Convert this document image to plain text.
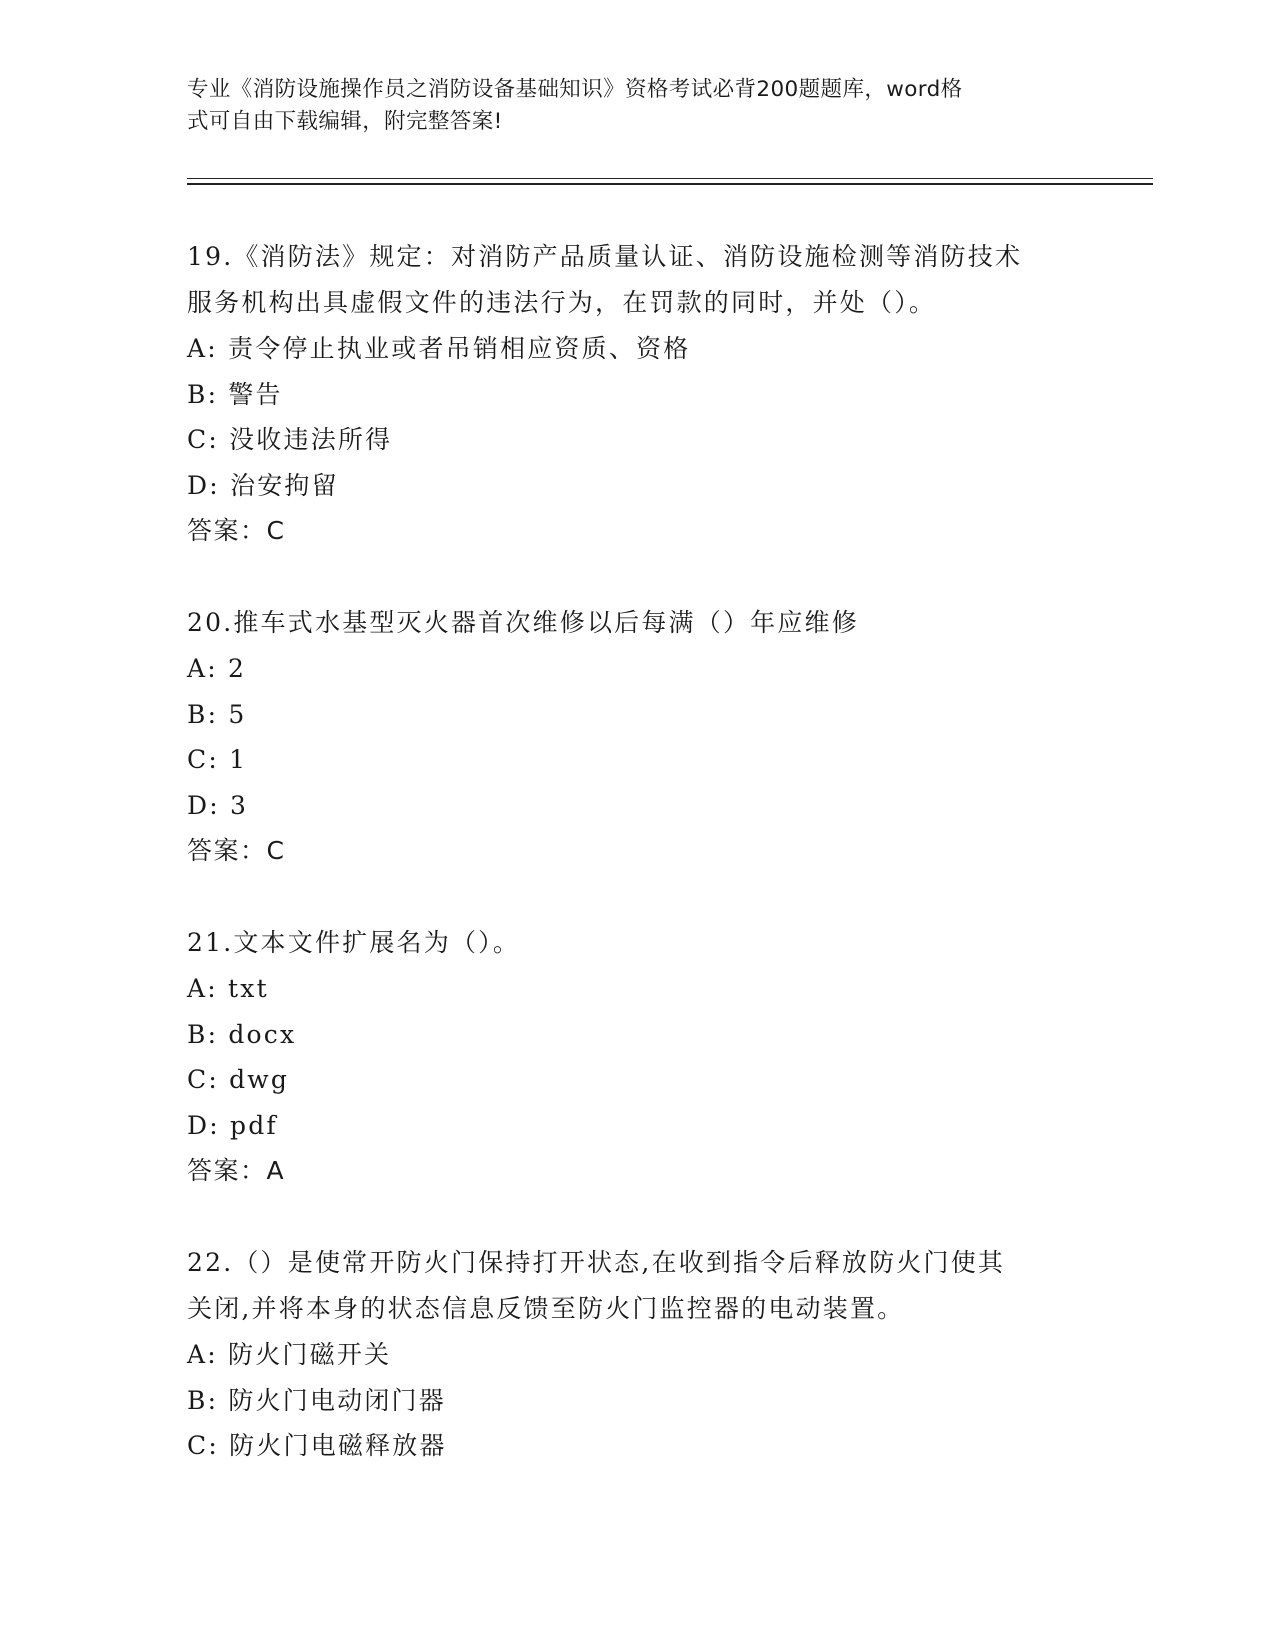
专业《消防设施操作员之消防设备基础知识》资格考试必背200题题库，word格
式可自由下载编辑，附完整答案!
19.《消防法》规定：对消防产品质量认证、消防设施检测等消防技术
服务机构出具虚假文件的违法行为，在罚款的同时，并处（）。
A: 责令停止执业或者吊销相应资质、资格
B: 警告
C: 没收违法所得
D: 治安拘留
答案：C
20.推车式水基型灭火器首次维修以后每满（）年应维修
A: 2
B: 5
C: 1
D: 3
答案：C
21.文本文件扩展名为（）。
A: txt
B: docx
C: dwg
D: pdf
答案：A
22.（）是使常开防火门保持打开状态,在收到指令后释放防火门使其
关闭,并将本身的状态信息反馈至防火门监控器的电动装置。
A: 防火门磁开关
B: 防火门电动闭门器
C: 防火门电磁释放器
